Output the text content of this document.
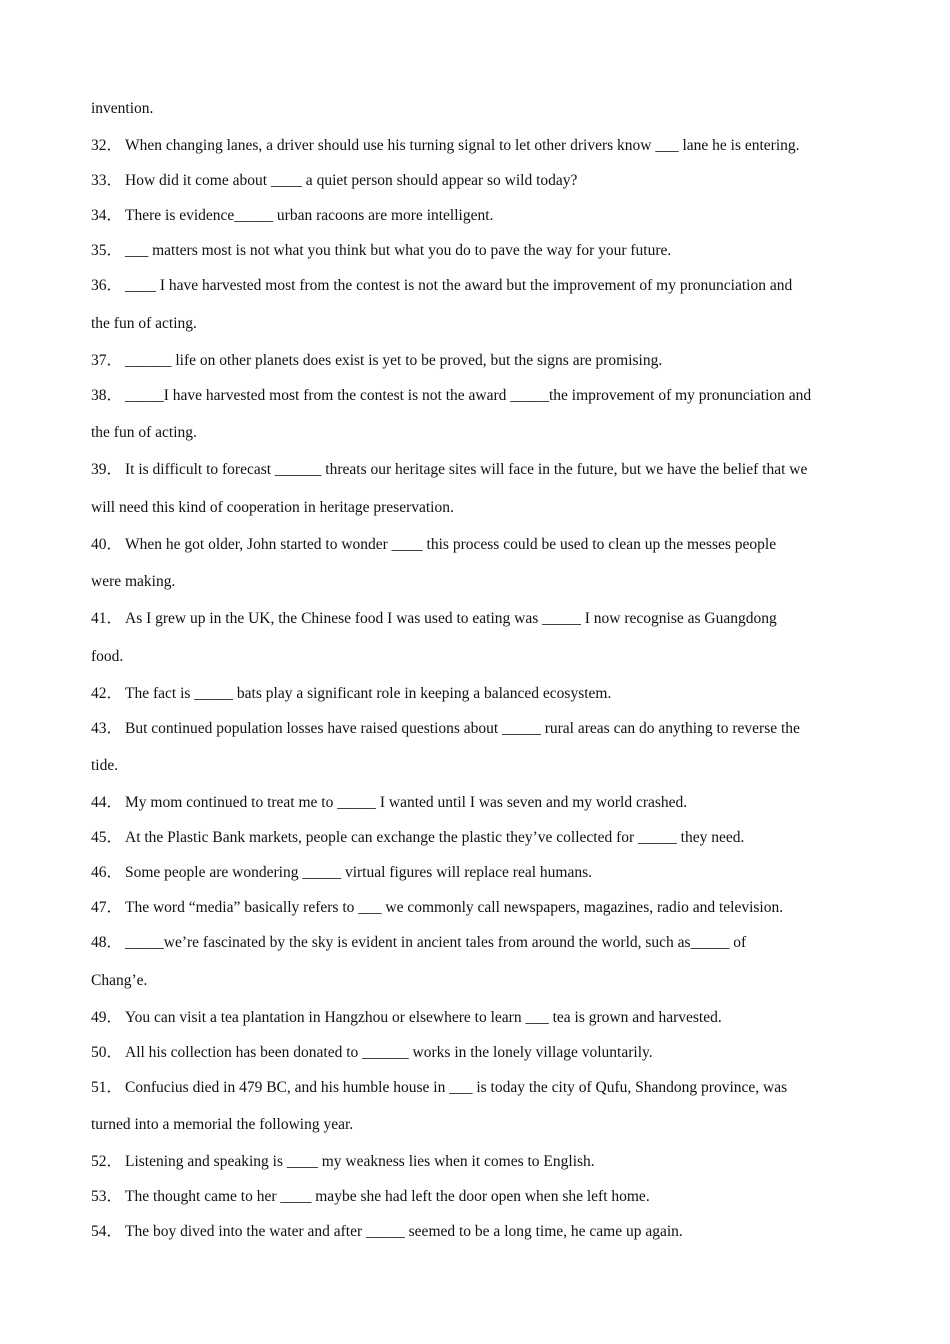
invention.
32． When changing lanes, a driver should use his turning signal to let other drivers know ___ lane he is entering.
33． How did it come about ____ a quiet person should appear so wild today?
34． There is evidence_____ urban racoons are more intelligent.
35． ___ matters most is not what you think but what you do to pave the way for your future.
36． ____ I have harvested most from the contest is not the award but the improvement of my pronunciation and
the fun of acting.
37． ______ life on other planets does exist is yet to be proved, but the signs are promising.
38． _____I have harvested most from the contest is not the award _____the improvement of my pronunciation and
the fun of acting.
39． It is difficult to forecast ______ threats our heritage sites will face in the future, but we have the belief that we
will need this kind of cooperation in heritage preservation.
40． When he got older, John started to wonder ____ this process could be used to clean up the messes people
were making.
41． As I grew up in the UK, the Chinese food I was used to eating was _____ I now recognise as Guangdong
food.
42． The fact is _____ bats play a significant role in keeping a balanced ecosystem.
43． But continued population losses have raised questions about _____ rural areas can do anything to reverse the
tide.
44． My mom continued to treat me to _____ I wanted until I was seven and my world crashed.
45． At the Plastic Bank markets, people can exchange the plastic they’ve collected for _____ they need.
46． Some people are wondering _____ virtual figures will replace real humans.
47． The word “media” basically refers to ___ we commonly call newspapers, magazines, radio and television.
48． _____we’re fascinated by the sky is evident in ancient tales from around the world, such as_____ of
Chang’e.
49． You can visit a tea plantation in Hangzhou or elsewhere to learn ___ tea is grown and harvested.
50． All his collection has been donated to ______ works in the lonely village voluntarily.
51． Confucius died in 479 BC, and his humble house in ___ is today the city of Qufu, Shandong province, was
turned into a memorial the following year.
52． Listening and speaking is ____ my weakness lies when it comes to English.
53． The thought came to her ____ maybe she had left the door open when she left home.
54． The boy dived into the water and after _____ seemed to be a long time, he came up again.
